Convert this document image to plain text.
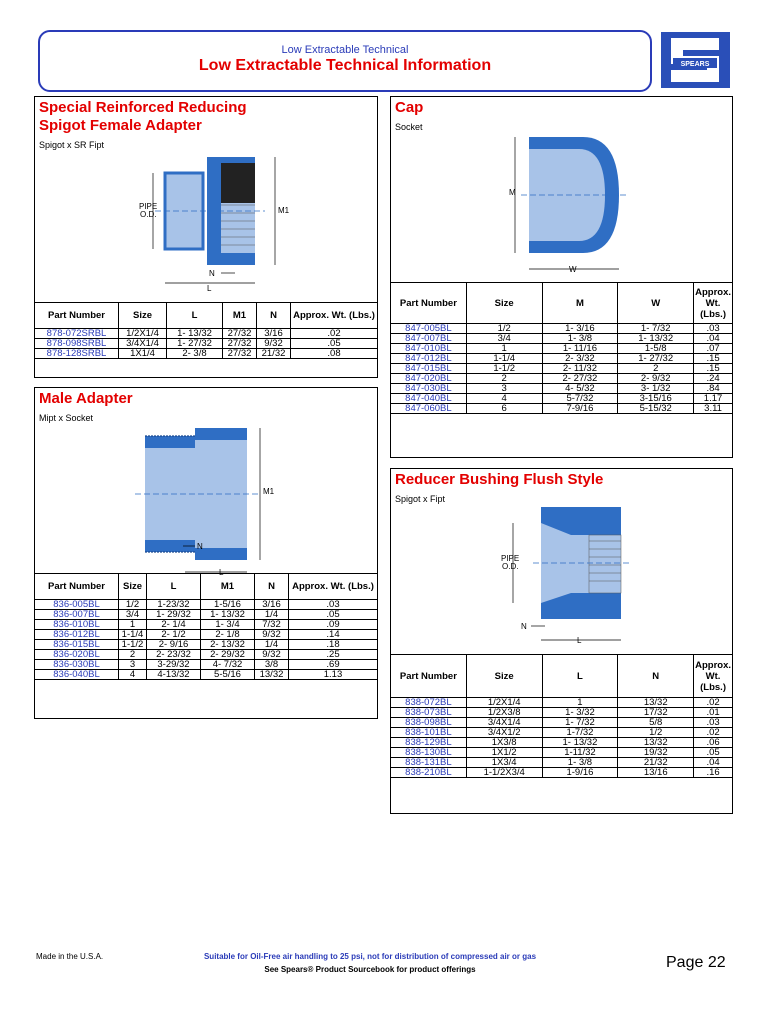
Low Extractable Technical
Low Extractable Technical Information	SPEARS
Special Reinforced Reducing
Spigot Female Adapter
Spigot x SR Fipt
PIPE
O.D.	M1
N
L
Part Number	Size	L	M1	N	Approx. Wt. (Lbs.)
878-072SRBL	1/2X1/4	1- 13/32	27/32	3/16	.02
878-098SRBL	3/4X1/4	1- 27/32	27/32	9/32	.05
878-128SRBL	1X1/4	2- 3/8	27/32	21/32	.08
Male Adapter
Mipt x Socket
M1
N
L
Part Number	Size	L	M1	N	Approx. Wt. (Lbs.)
836-005BL	1/2	1-23/32	1-5/16	3/16	.03
836-007BL	3/4	1- 29/32	1- 13/32	1/4	.05
836-010BL	1	2- 1/4	1- 3/4	7/32	.09
836-012BL	1-1/4	2- 1/2	2- 1/8	9/32	.14
836-015BL	1-1/2	2- 9/16	2- 13/32	1/4	.18
836-020BL	2	2- 23/32	2- 29/32	9/32	.25
836-030BL	3	3-29/32	4- 7/32	3/8	.69
836-040BL	4	4-13/32	5-5/16	13/32	1.13
Cap
Socket
M
W
Part Number	Size	M	W	Approx. Wt. (Lbs.)
847-005BL	1/2	1- 3/16	1- 7/32	.03
847-007BL	3/4	1- 3/8	1- 13/32	.04
847-010BL	1	1- 11/16	1-5/8	.07
847-012BL	1-1/4	2- 3/32	1- 27/32	.15
847-015BL	1-1/2	2- 11/32	2	.15
847-020BL	2	2- 27/32	2- 9/32	.24
847-030BL	3	4- 5/32	3- 1/32	.84
847-040BL	4	5-7/32	3-15/16	1.17
847-060BL	6	7-9/16	5-15/32	3.11
Reducer Bushing Flush Style
Spigot x Fipt
PIPE
O.D.
N
L
Part Number	Size	L	N	Approx. Wt. (Lbs.)
838-072BL	1/2X1/4	1	13/32	.02
838-073BL	1/2X3/8	1- 3/32	17/32	.01
838-098BL	3/4X1/4	1- 7/32	5/8	.03
838-101BL	3/4X1/2	1-7/32	1/2	.02
838-129BL	1X3/8	1- 13/32	13/32	.06
838-130BL	1X1/2	1-11/32	19/32	.05
838-131BL	1X3/4	1- 3/8	21/32	.04
838-210BL	1-1/2X3/4	1-9/16	13/16	.16
Made in the U.S.A.	Suitable for Oil-Free air handling to 25 psi, not for distribution of compressed air or gas
See Spears® Product Sourcebook for product offerings	Page 22
